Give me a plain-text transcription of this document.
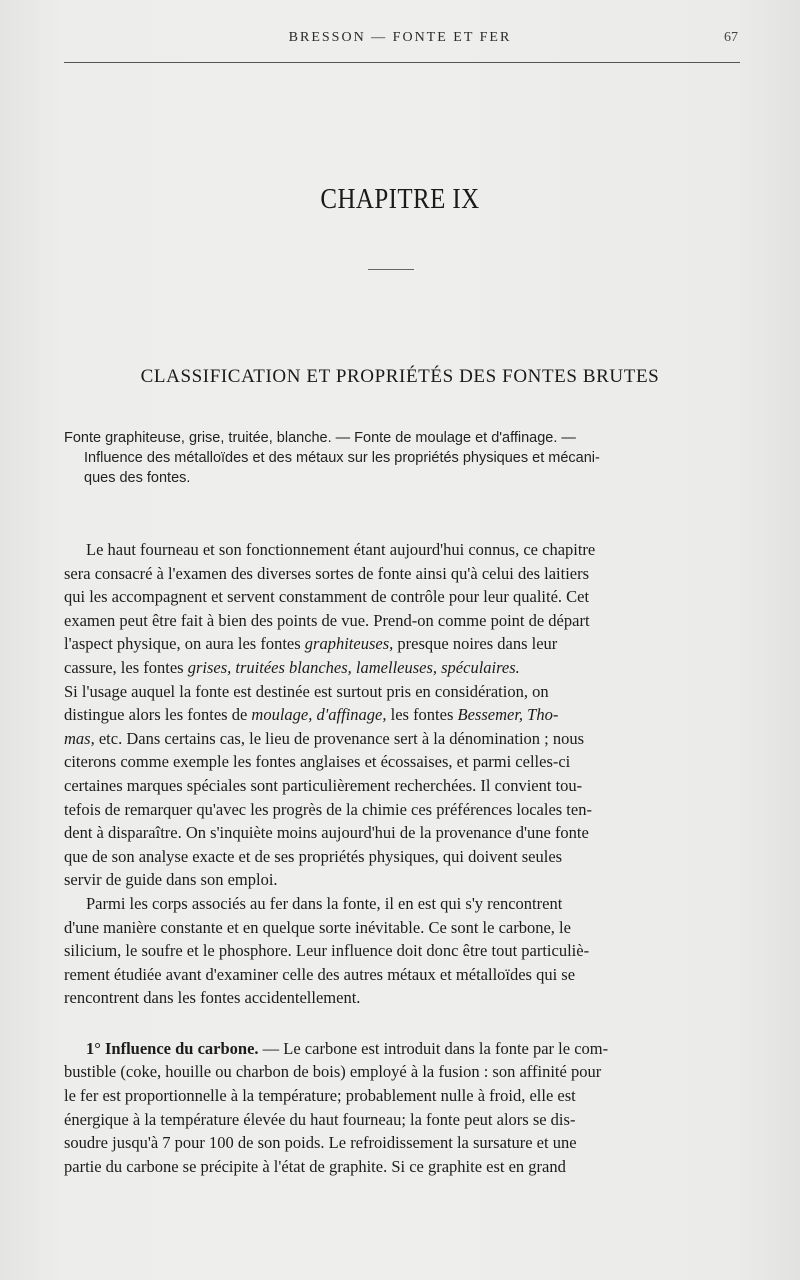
BRESSON — FONTE ET FER	67
CHAPITRE IX
CLASSIFICATION ET PROPRIÉTÉS DES FONTES BRUTES
Fonte graphiteuse, grise, truitée, blanche. — Fonte de moulage et d'affinage. —
Influence des métalloïdes et des métaux sur les propriétés physiques et mécani-
ques des fontes.
Le haut fourneau et son fonctionnement étant aujourd'hui connus, ce chapitre
sera consacré à l'examen des diverses sortes de fonte ainsi qu'à celui des laitiers
qui les accompagnent et servent constamment de contrôle pour leur qualité. Cet
examen peut être fait à bien des points de vue. Prend-on comme point de départ
l'aspect physique, on aura les fontes graphiteuses, presque noires dans leur
cassure, les fontes grises, truitées blanches, lamelleuses, spéculaires.
Si l'usage auquel la fonte est destinée est surtout pris en considération, on
distingue alors les fontes de moulage, d'affinage, les fontes Bessemer, Tho-
mas, etc. Dans certains cas, le lieu de provenance sert à la dénomination ; nous
citerons comme exemple les fontes anglaises et écossaises, et parmi celles-ci
certaines marques spéciales sont particulièrement recherchées. Il convient tou-
tefois de remarquer qu'avec les progrès de la chimie ces préférences locales ten-
dent à disparaître. On s'inquiète moins aujourd'hui de la provenance d'une fonte
que de son analyse exacte et de ses propriétés physiques, qui doivent seules
servir de guide dans son emploi.
Parmi les corps associés au fer dans la fonte, il en est qui s'y rencontrent
d'une manière constante et en quelque sorte inévitable. Ce sont le carbone, le
silicium, le soufre et le phosphore. Leur influence doit donc être tout particuliè-
rement étudiée avant d'examiner celle des autres métaux et métalloïdes qui se
rencontrent dans les fontes accidentellement.
1° Influence du carbone. — Le carbone est introduit dans la fonte par le com-
bustible (coke, houille ou charbon de bois) employé à la fusion : son affinité pour
le fer est proportionnelle à la température; probablement nulle à froid, elle est
énergique à la température élevée du haut fourneau; la fonte peut alors se dis-
soudre jusqu'à 7 pour 100 de son poids. Le refroidissement la sursature et une
partie du carbone se précipite à l'état de graphite. Si ce graphite est en grand
